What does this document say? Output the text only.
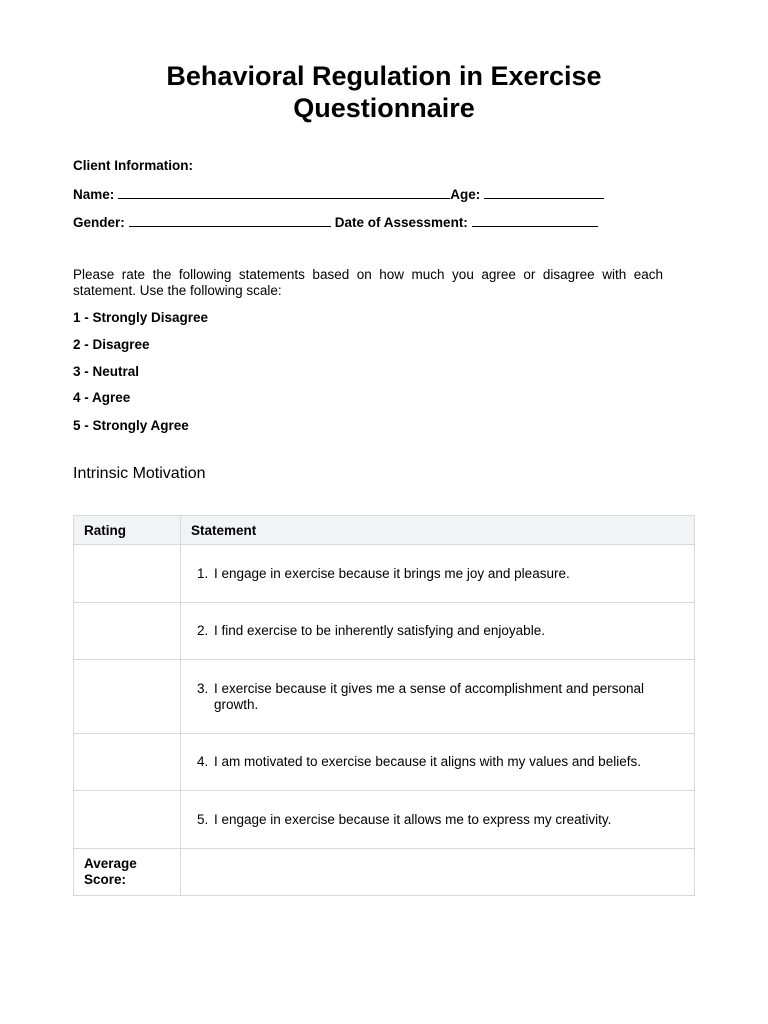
Behavioral Regulation in Exercise
Questionnaire

Client Information:

Name:	Age:
Gender:	Date of Assessment:

Please rate the following statements based on how much you agree or disagree with each statement. Use the following scale:

1 - Strongly Disagree

2 - Disagree

3 - Neutral

4 - Agree

5 - Strongly Agree

Intrinsic Motivation
Rating	Statement

	1. I engage in exercise because it brings me joy and pleasure.

	2. I find exercise to be inherently satisfying and enjoyable.

	3. I exercise because it gives me a sense of accomplishment and personal growth.

	4. I am motivated to exercise because it aligns with my values and beliefs.

	5. I engage in exercise because it allows me to express my creativity.

Average Score:	
